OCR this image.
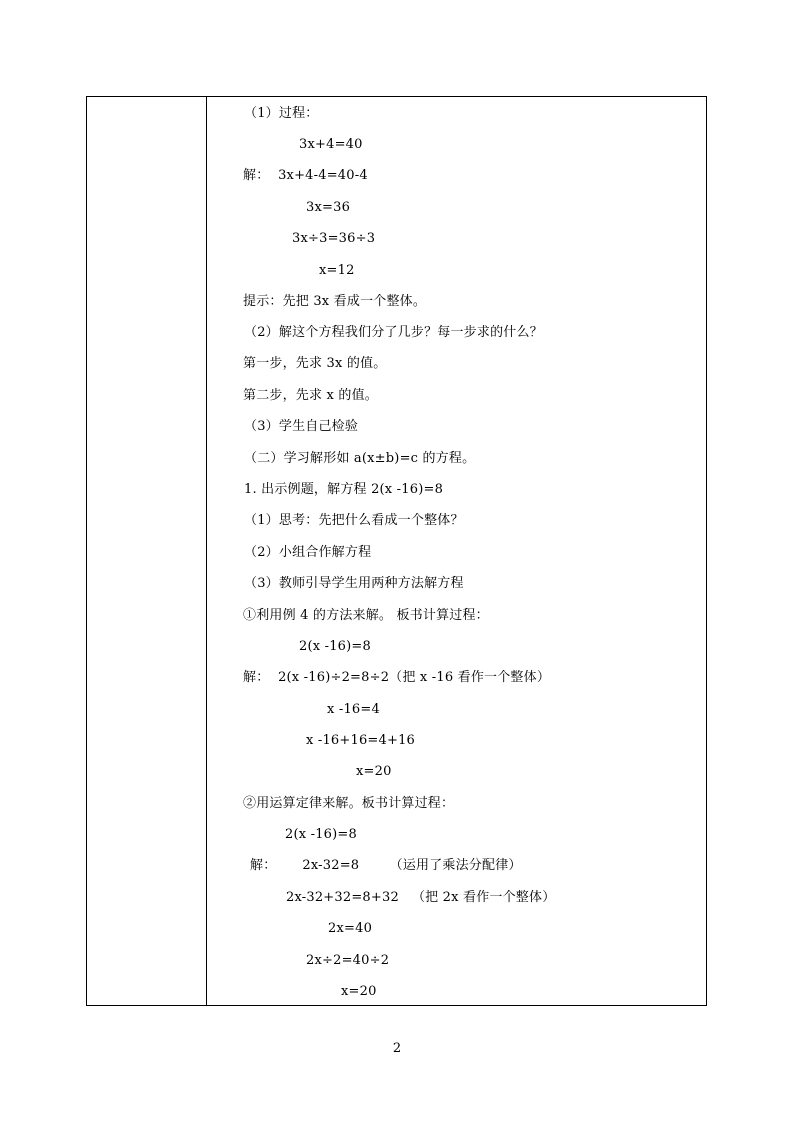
（1）过程：
3x+4=40
解：  3x+4-4=40-4
3x=36
3x÷3=36÷3
x=12
提示：先把 3x 看成一个整体。
（2）解这个方程我们分了几步？每一步求的什么？
第一步，先求 3x 的值。
第二步，先求 x 的值。
（3）学生自己检验
（二）学习解形如 a(x±b)=c 的方程。
1. 出示例题，解方程 2(x -16)=8
（1）思考：先把什么看成一个整体？
（2）小组合作解方程
（3）教师引导学生用两种方法解方程
①利用例 4 的方法来解。 板书计算过程：
2(x -16)=8
解：  2(x -16)÷2=8÷2（把 x -16 看作一个整体）
x -16=4
x -16+16=4+16
x=20
②用运算定律来解。板书计算过程：
2(x -16)=8
解：      2x-32=8       （运用了乘法分配律）
2x-32+32=8+32   （把 2x 看作一个整体）
2x=40
2x÷2=40÷2
x=20
2
